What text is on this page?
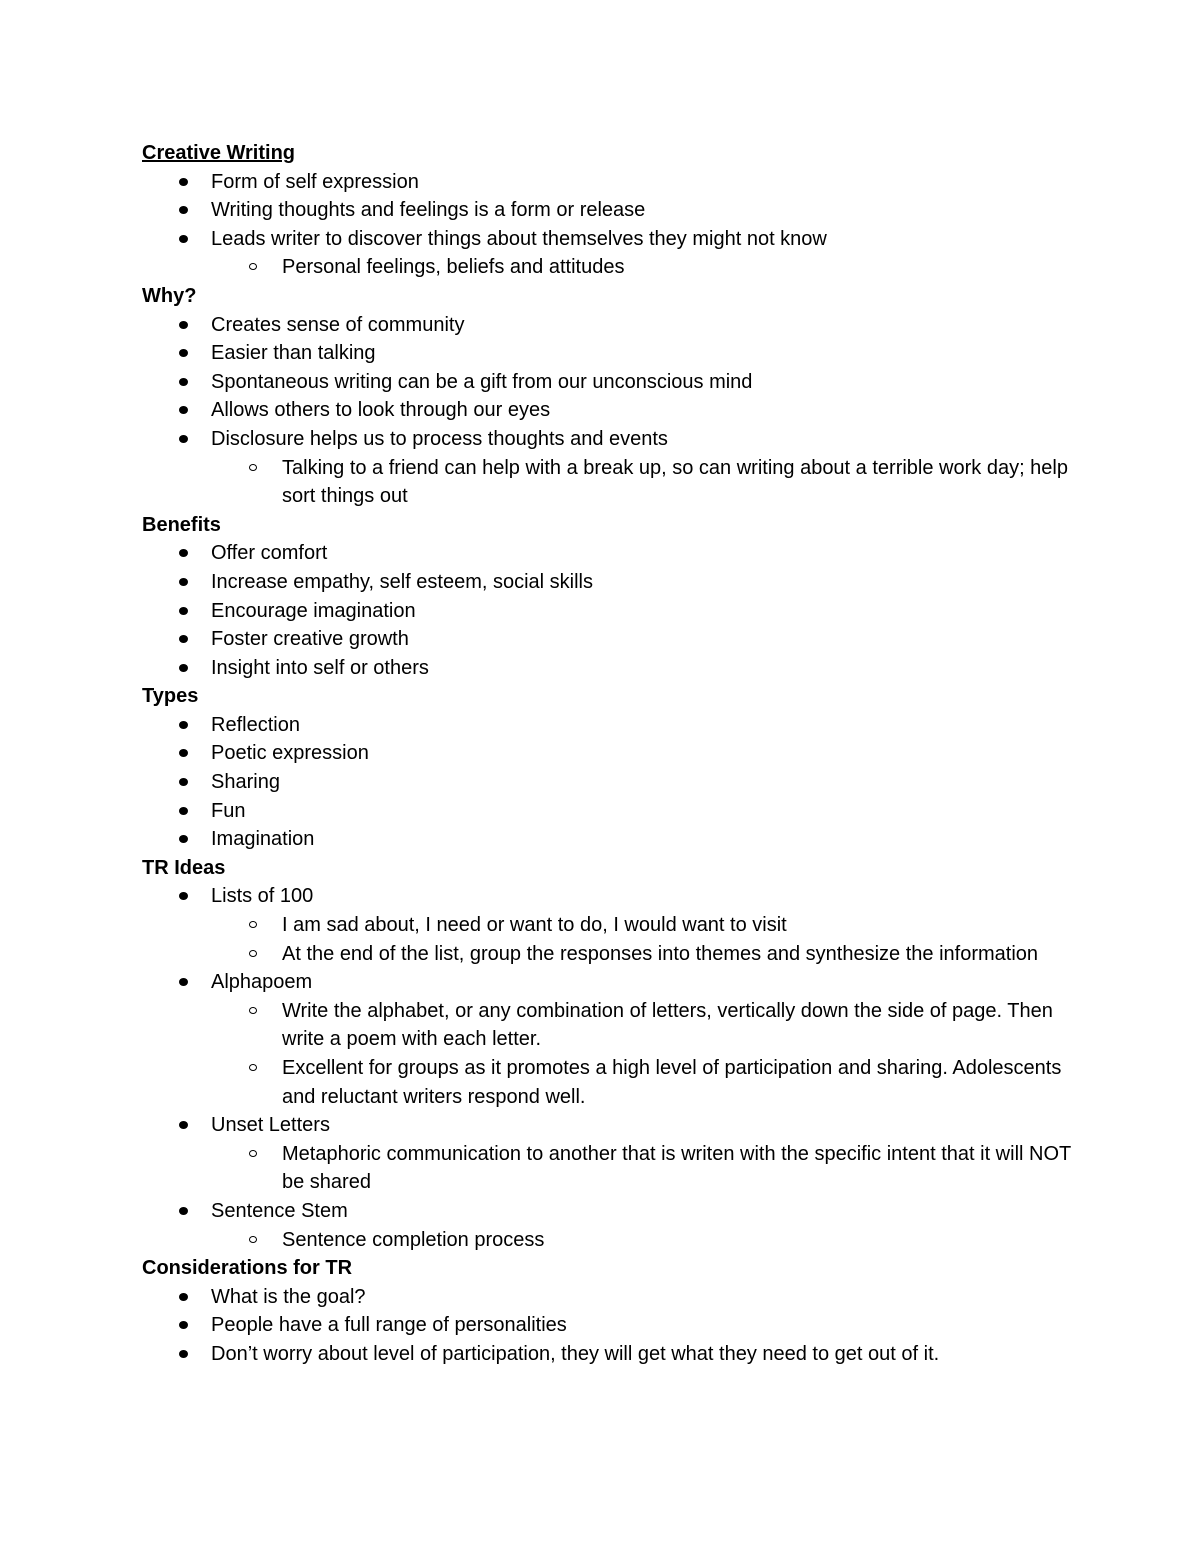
Creative Writing
Form of self expression
Writing thoughts and feelings is a form or release
Leads writer to discover things about themselves they might not know
Personal feelings, beliefs and attitudes
Why?
Creates sense of community
Easier than talking
Spontaneous writing can be a gift from our unconscious mind
Allows others to look through our eyes
Disclosure helps us to process thoughts and events
Talking to a friend can help with a break up, so can writing about a terrible work day; help sort things out
Benefits
Offer comfort
Increase empathy, self esteem, social skills
Encourage imagination
Foster creative growth
Insight into self or others
Types
Reflection
Poetic expression
Sharing
Fun
Imagination
TR Ideas
Lists of 100
I am sad about, I need or want to do, I would want to visit
At the end of the list, group the responses into themes and synthesize the information
Alphapoem
Write the alphabet, or any combination of letters, vertically down the side of page. Then write a poem with each letter.
Excellent for groups as it promotes a high level of participation and sharing. Adolescents and reluctant writers respond well.
Unset Letters
Metaphoric communication to another that is writen with the specific intent that it will NOT be shared
Sentence Stem
Sentence completion process
Considerations for TR
What is the goal?
People have a full range of personalities
Don’t worry about level of participation, they will get what they need to get out of it.
